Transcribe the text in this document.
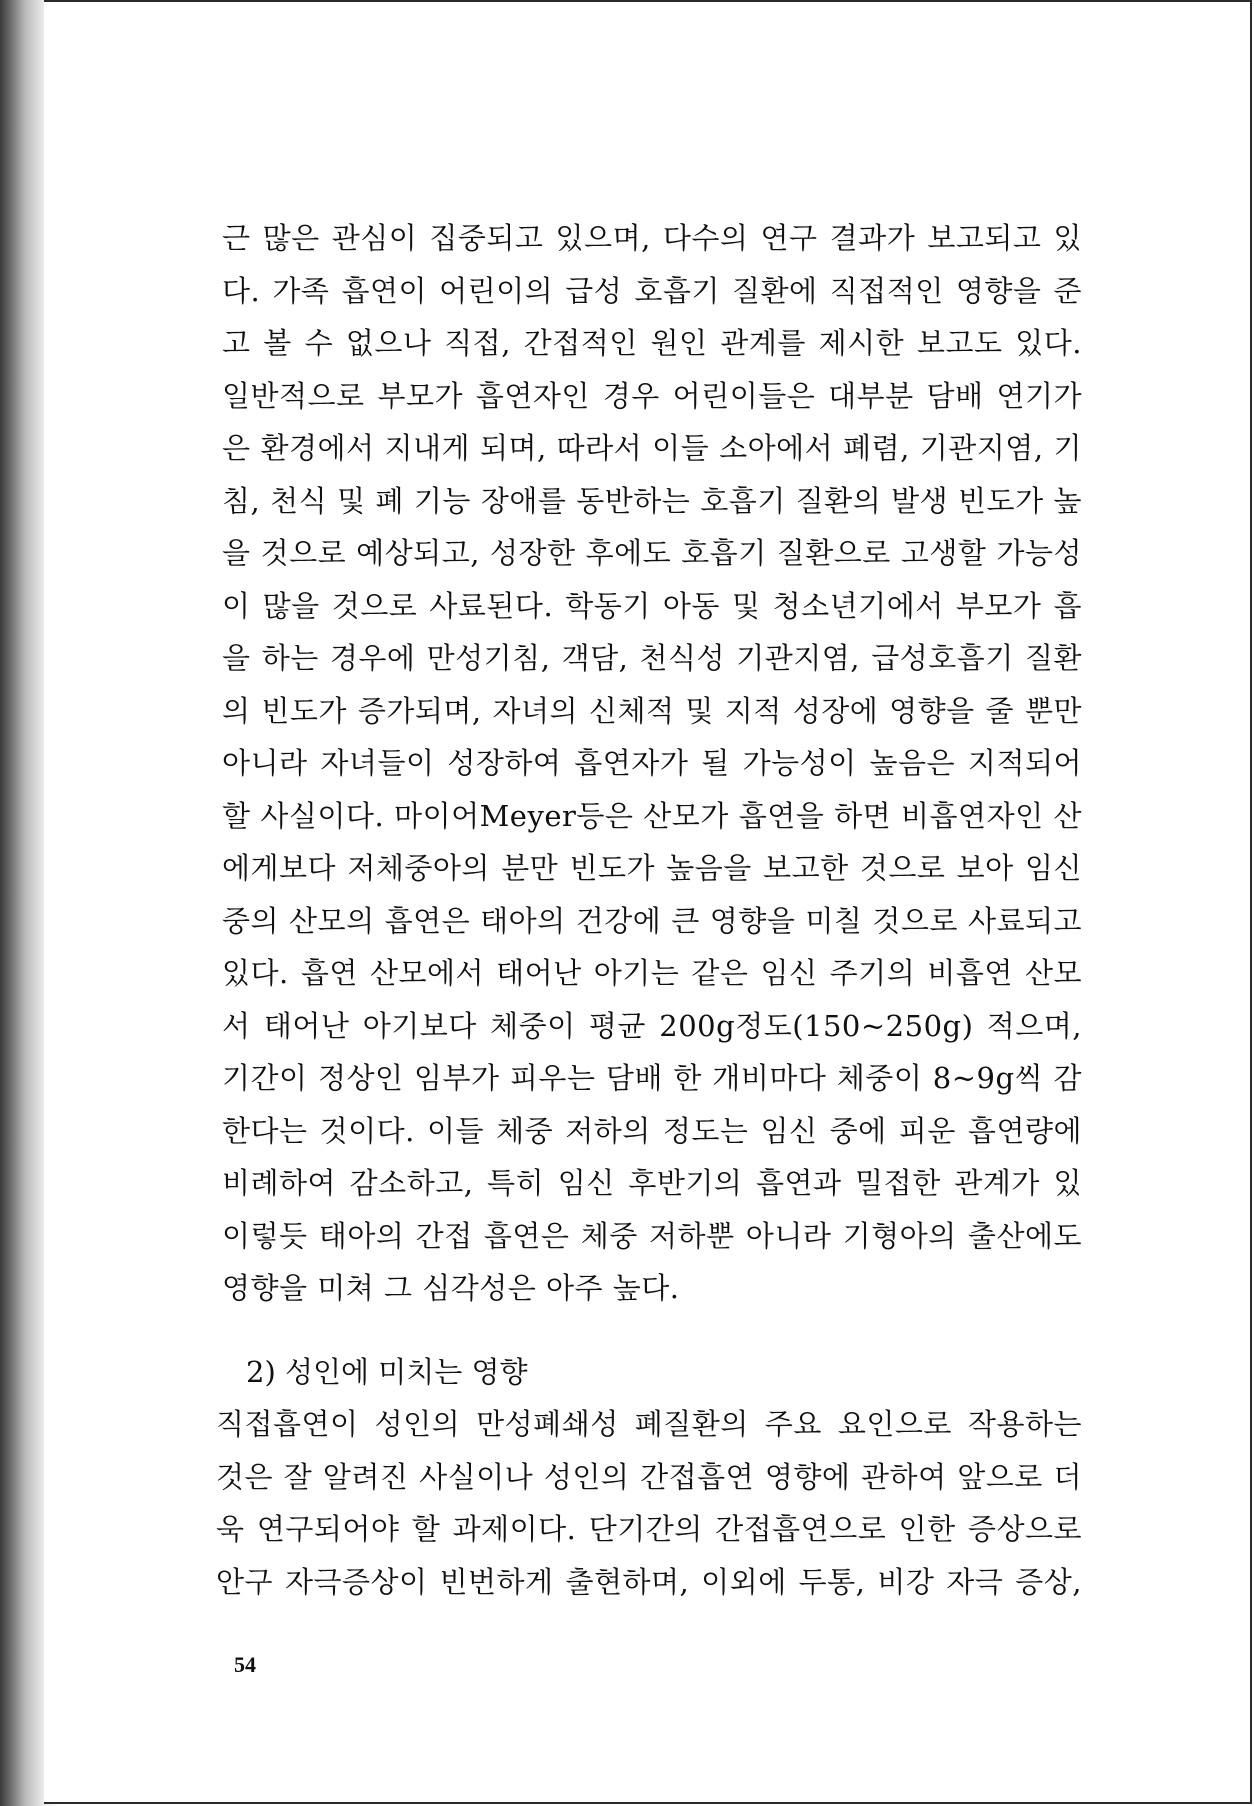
근 많은 관심이 집중되고 있으며, 다수의 연구 결과가 보고되고 있
다. 가족 흡연이 어린이의 급성 호흡기 질환에 직접적인 영향을 준
고 볼 수 없으나 직접, 간접적인 원인 관계를 제시한 보고도 있다.
일반적으로 부모가 흡연자인 경우 어린이들은 대부분 담배 연기가
은 환경에서 지내게 되며, 따라서 이들 소아에서 폐렴, 기관지염, 기
침, 천식 및 폐 기능 장애를 동반하는 호흡기 질환의 발생 빈도가 높
을 것으로 예상되고, 성장한 후에도 호흡기 질환으로 고생할 가능성
이 많을 것으로 사료된다. 학동기 아동 및 청소년기에서 부모가 흡
을 하는 경우에 만성기침, 객담, 천식성 기관지염, 급성호흡기 질환
의 빈도가 증가되며, 자녀의 신체적 및 지적 성장에 영향을 줄 뿐만
아니라 자녀들이 성장하여 흡연자가 될 가능성이 높음은 지적되어
할 사실이다. 마이어Meyer등은 산모가 흡연을 하면 비흡연자인 산
에게보다 저체중아의 분만 빈도가 높음을 보고한 것으로 보아 임신
중의 산모의 흡연은 태아의 건강에 큰 영향을 미칠 것으로 사료되고
있다. 흡연 산모에서 태어난 아기는 같은 임신 주기의 비흡연 산모
서 태어난 아기보다 체중이 평균 200g정도(150~250g) 적으며,
기간이 정상인 임부가 피우는 담배 한 개비마다 체중이 8~9g씩 감
한다는 것이다. 이들 체중 저하의 정도는 임신 중에 피운 흡연량에
비례하여 감소하고, 특히 임신 후반기의 흡연과 밀접한 관계가 있
이렇듯 태아의 간접 흡연은 체중 저하뿐 아니라 기형아의 출산에도
영향을 미쳐 그 심각성은 아주 높다.
2) 성인에 미치는 영향
직접흡연이 성인의 만성폐쇄성 폐질환의 주요 요인으로 작용하는
것은 잘 알려진 사실이나 성인의 간접흡연 영향에 관하여 앞으로 더
욱 연구되어야 할 과제이다. 단기간의 간접흡연으로 인한 증상으로
안구 자극증상이 빈번하게 출현하며, 이외에 두통, 비강 자극 증상,
54
